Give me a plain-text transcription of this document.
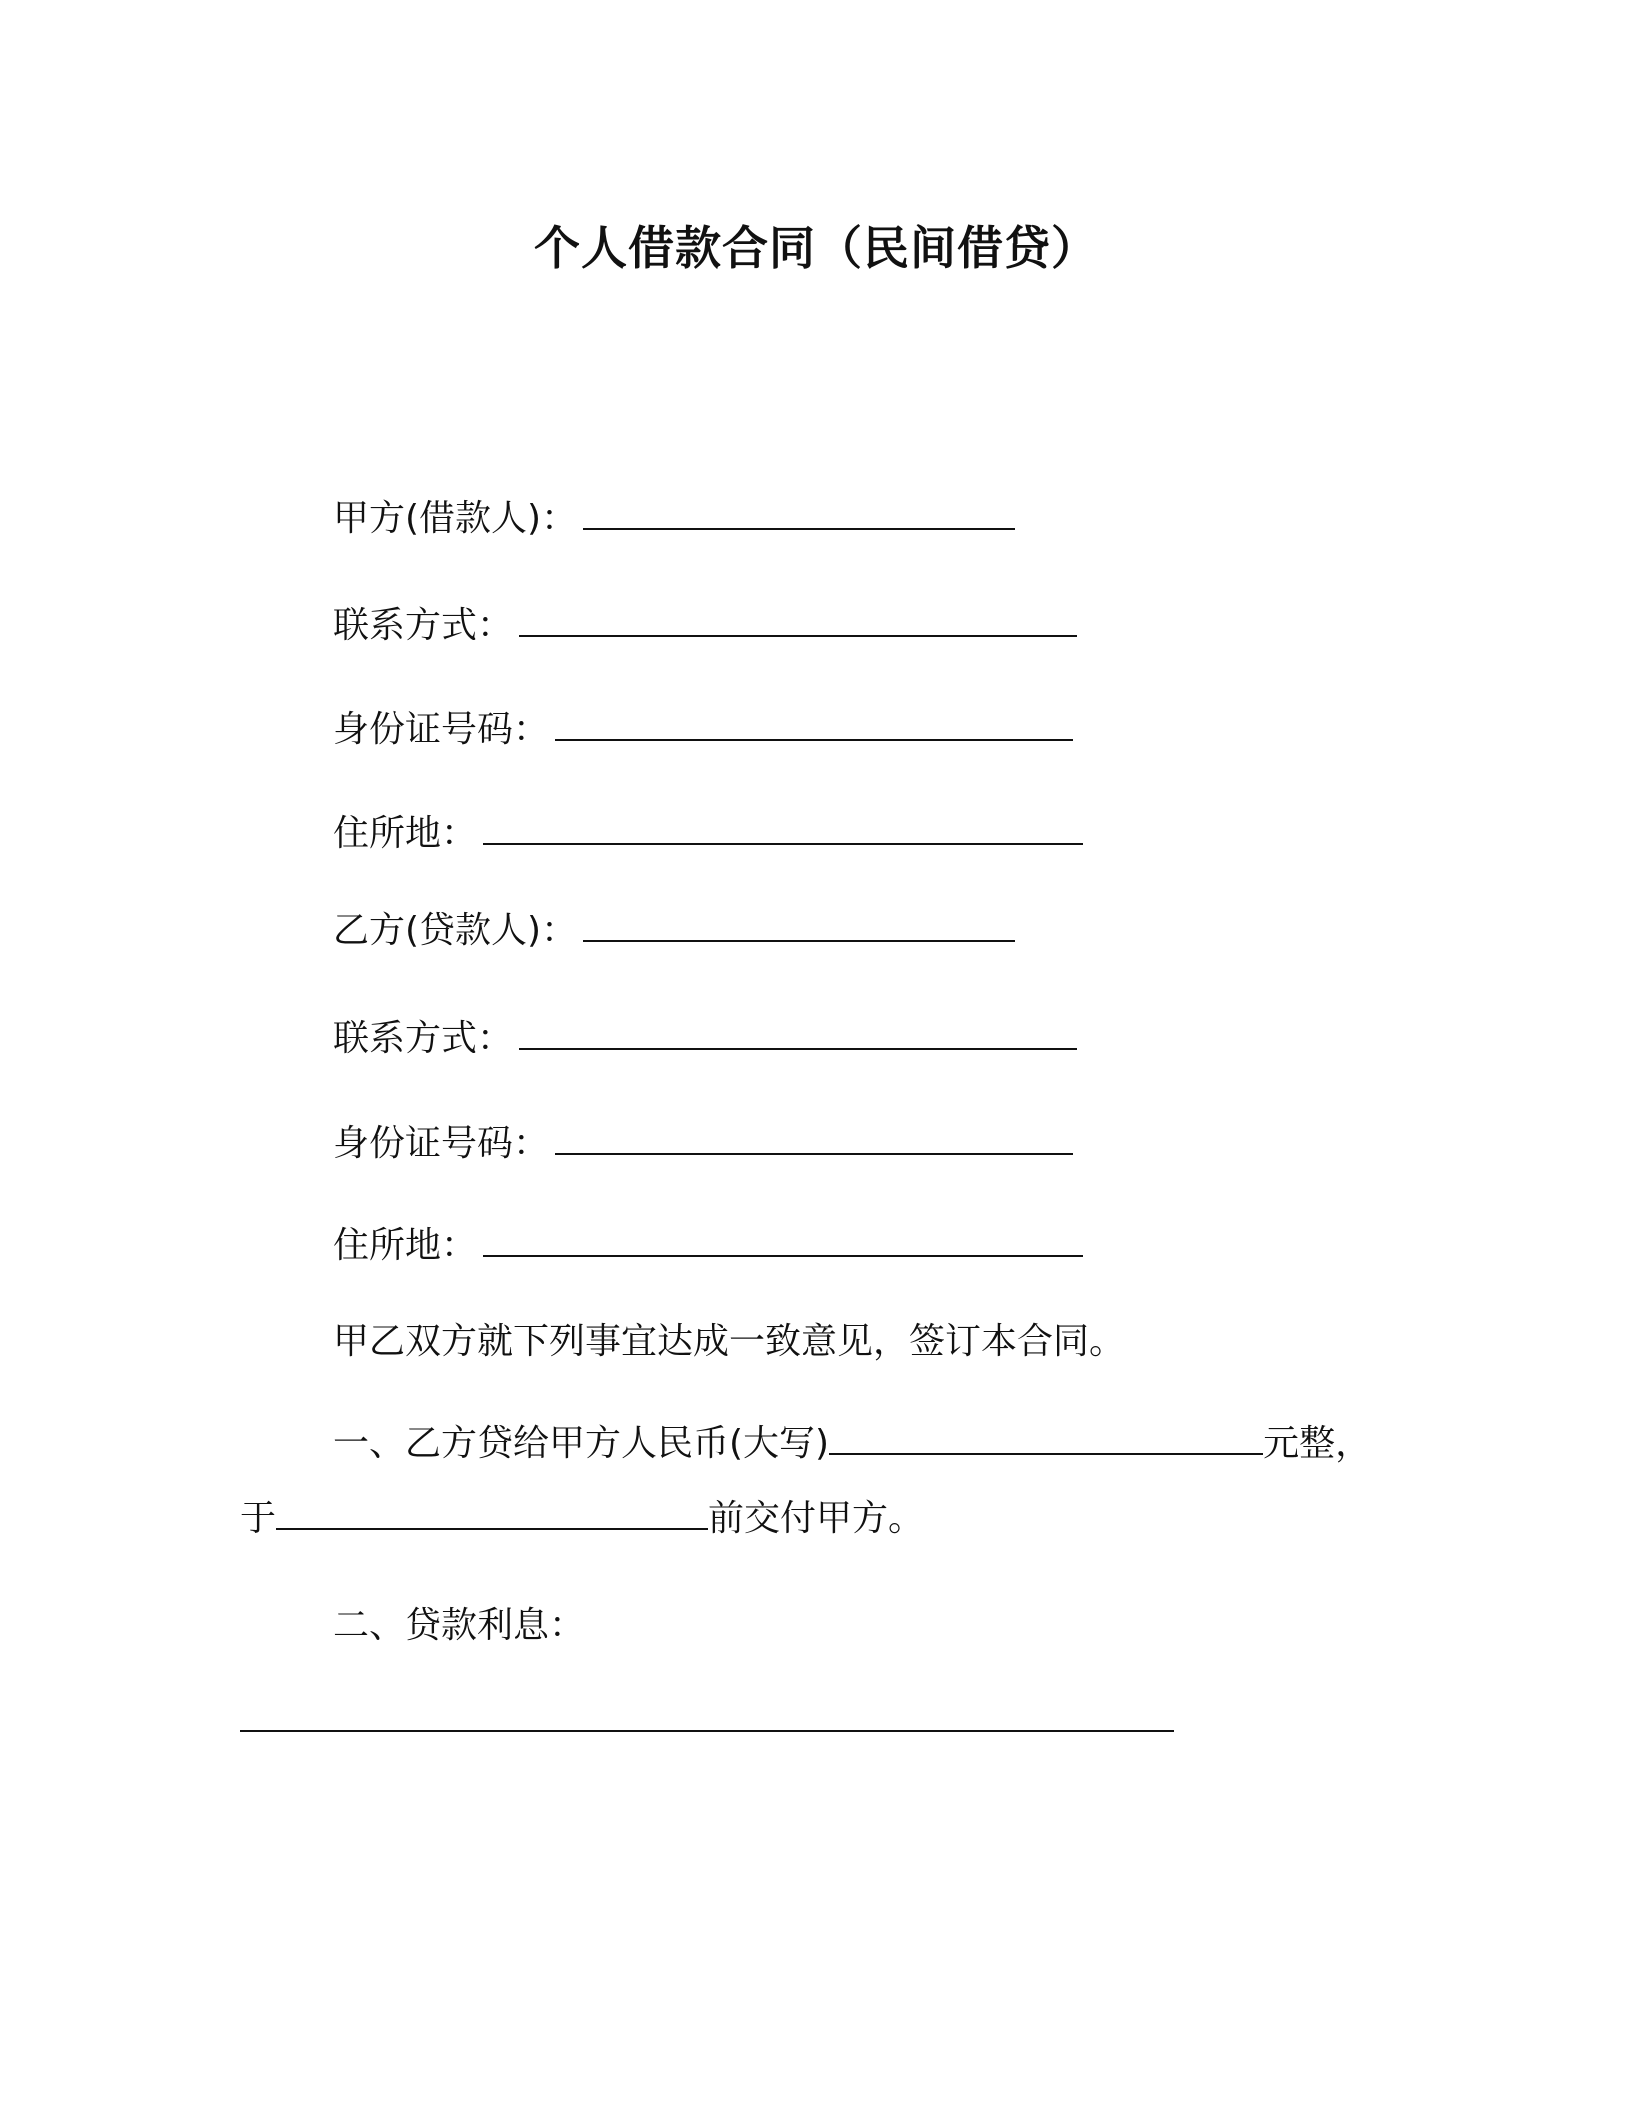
个人借款合同（民间借贷）
甲方(借款人)：
联系方式：
身份证号码：
住所地：
乙方(贷款人)：
联系方式：
身份证号码：
住所地：
甲乙双方就下列事宜达成一致意见，签订本合同。
一、乙方贷给甲方人民币(大写)	元整，
于	前交付甲方。
二、贷款利息：
